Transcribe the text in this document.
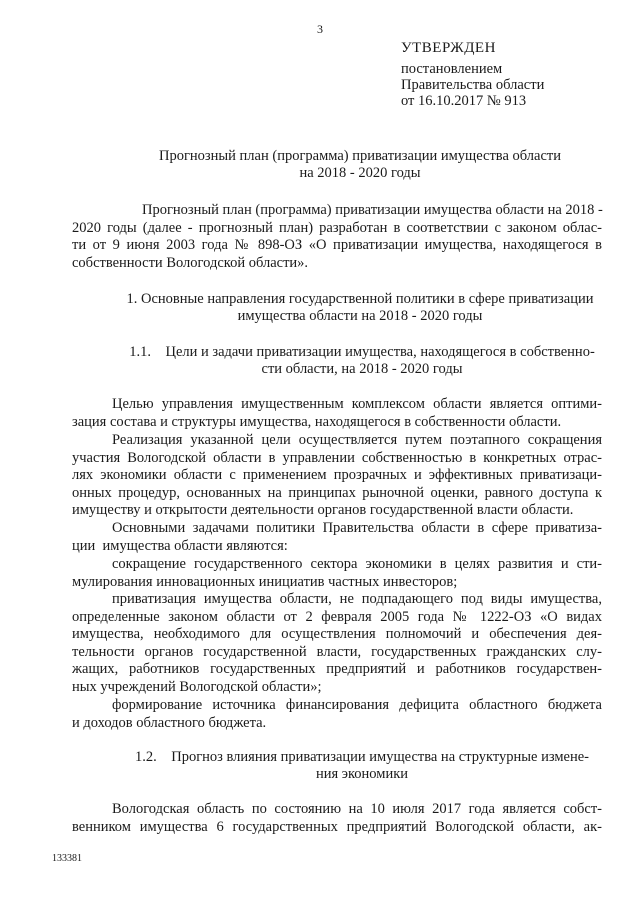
3
УТВЕРЖДЕН
постановлением
Правительства области
от 16.10.2017 № 913
Прогнозный план (программа) приватизации имущества области
на 2018 - 2020 годы
Прогнозный план (программа) приватизации имущества области на 2018 -
2020 годы (далее - прогнозный план) разработан в соответствии с законом облас-
ти от 9 июня 2003 года № 898-ОЗ «О приватизации имущества, находящегося в
собственности Вологодской области».
1. Основные направления государственной политики в сфере приватизации
имущества области на 2018 - 2020 годы
1.1.    Цели и задачи приватизации имущества, находящегося в собственно-
сти области, на 2018 - 2020 годы
Целью управления имущественным комплексом области является оптими-
зация состава и структуры имущества, находящегося в собственности области.
Реализация указанной цели осуществляется путем поэтапного сокращения
участия Вологодской области в управлении собственностью в конкретных отрас-
лях экономики области с применением прозрачных и эффективных приватизаци-
онных процедур, основанных на принципах рыночной оценки, равного доступа к
имуществу и открытости деятельности органов государственной власти области.
Основными задачами политики Правительства области в сфере приватиза-
ции  имущества области являются:
сокращение государственного сектора экономики в целях развития и сти-
мулирования инновационных инициатив частных инвесторов;
приватизация имущества области, не подпадающего под виды имущества,
определенные законом области от 2 февраля 2005 года № 1222-ОЗ «О видах
имущества, необходимого для осуществления полномочий и обеспечения дея-
тельности органов государственной власти, государственных гражданских слу-
жащих, работников государственных предприятий и работников государствен-
ных учреждений Вологодской области»;
формирование источника финансирования дефицита областного бюджета
и доходов областного бюджета.
1.2.    Прогноз влияния приватизации имущества на структурные измене-
ния экономики
Вологодская область по состоянию на 10 июля 2017 года является собст-
венником имущества 6 государственных предприятий Вологодской области, ак-
133381
